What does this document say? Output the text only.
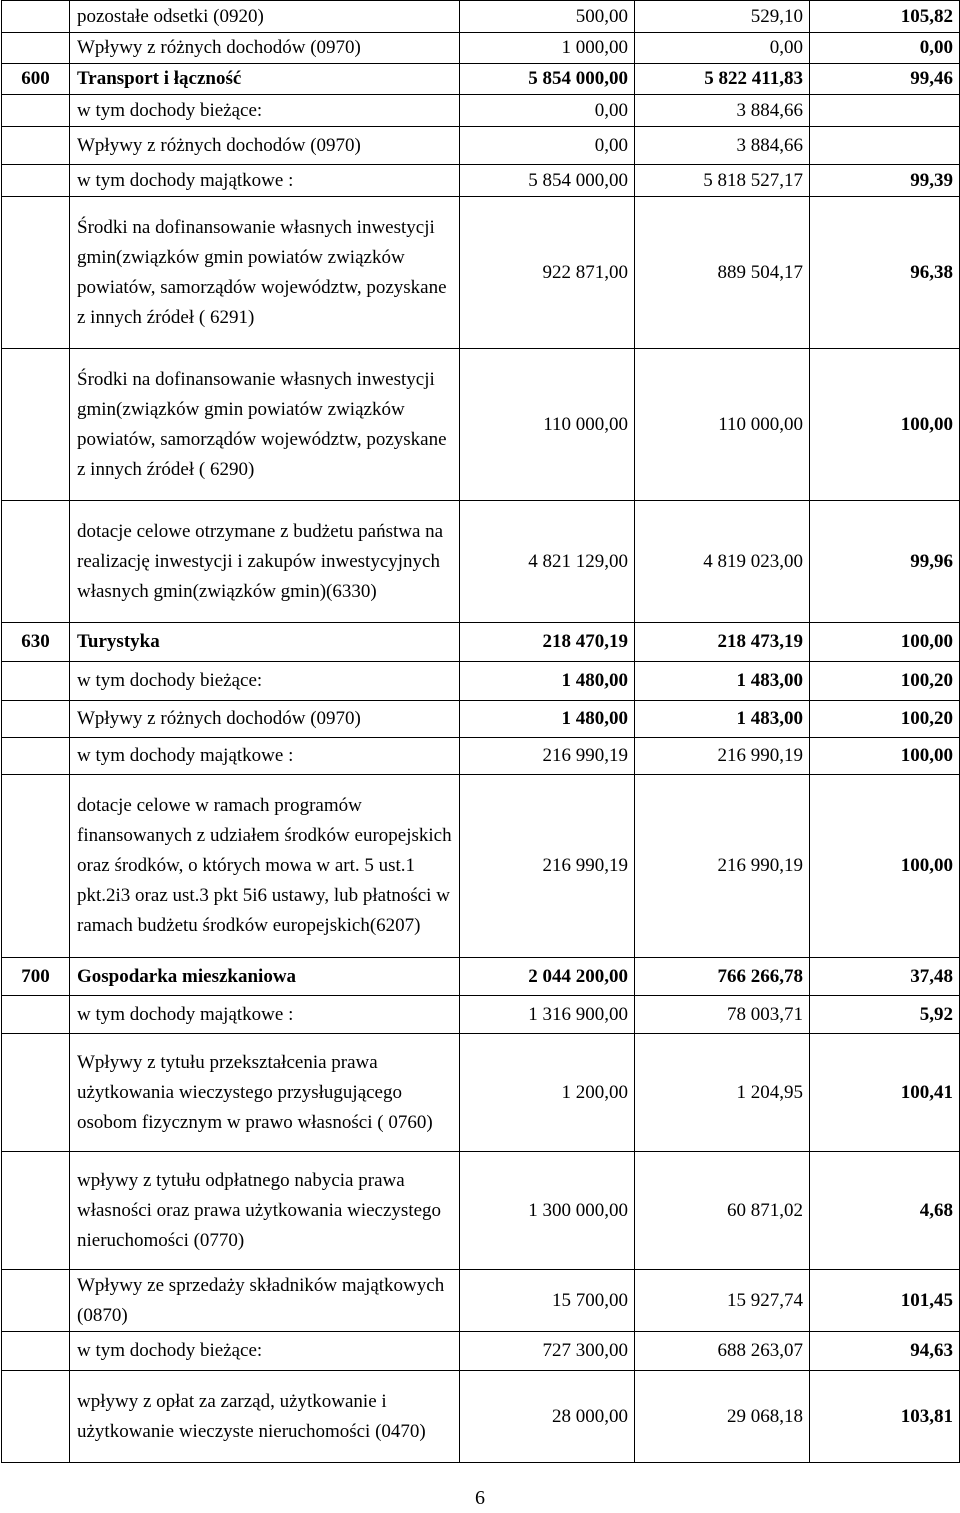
	pozostałe odsetki (0920)	500,00	529,10	105,82
	Wpływy z różnych dochodów (0970)	1 000,00	0,00	0,00
600	Transport i łączność	5 854 000,00	5 822 411,83	99,46
	w tym dochody bieżące:	0,00	3 884,66	
	Wpływy z różnych dochodów (0970)	0,00	3 884,66	
	w tym dochody majątkowe :	5 854 000,00	5 818 527,17	99,39
	Środki na dofinansowanie własnych inwestycji gmin(związków gmin powiatów związków powiatów, samorządów województw, pozyskane z innych źródeł ( 6291)	922 871,00	889 504,17	96,38
	Środki na dofinansowanie własnych inwestycji gmin(związków gmin powiatów związków powiatów, samorządów województw, pozyskane z innych źródeł ( 6290)	110 000,00	110 000,00	100,00
	dotacje celowe otrzymane z budżetu państwa na realizację inwestycji i zakupów inwestycyjnych własnych gmin(związków gmin)(6330)	4 821 129,00	4 819 023,00	99,96
630	Turystyka	218 470,19	218 473,19	100,00
	w tym dochody bieżące:	1 480,00	1 483,00	100,20
	Wpływy z różnych dochodów (0970)	1 480,00	1 483,00	100,20
	w tym dochody majątkowe :	216 990,19	216 990,19	100,00
	dotacje celowe w ramach programów finansowanych z udziałem środków europejskich oraz środków, o których mowa w art. 5 ust.1 pkt.2i3 oraz ust.3 pkt 5i6 ustawy, lub płatności w ramach budżetu środków europejskich(6207)	216 990,19	216 990,19	100,00
700	Gospodarka mieszkaniowa	2 044 200,00	766 266,78	37,48
	w tym dochody majątkowe :	1 316 900,00	78 003,71	5,92
	Wpływy z tytułu przekształcenia prawa użytkowania wieczystego przysługującego osobom fizycznym w prawo własności ( 0760)	1 200,00	1 204,95	100,41
	wpływy z tytułu odpłatnego nabycia prawa własności oraz prawa użytkowania wieczystego nieruchomości (0770)	1 300 000,00	60 871,02	4,68
	Wpływy ze sprzedaży składników majątkowych (0870)	15 700,00	15 927,74	101,45
	w tym dochody bieżące:	727 300,00	688 263,07	94,63
	wpływy z opłat za zarząd, użytkowanie i użytkowanie wieczyste nieruchomości (0470)	28 000,00	29 068,18	103,81
6
